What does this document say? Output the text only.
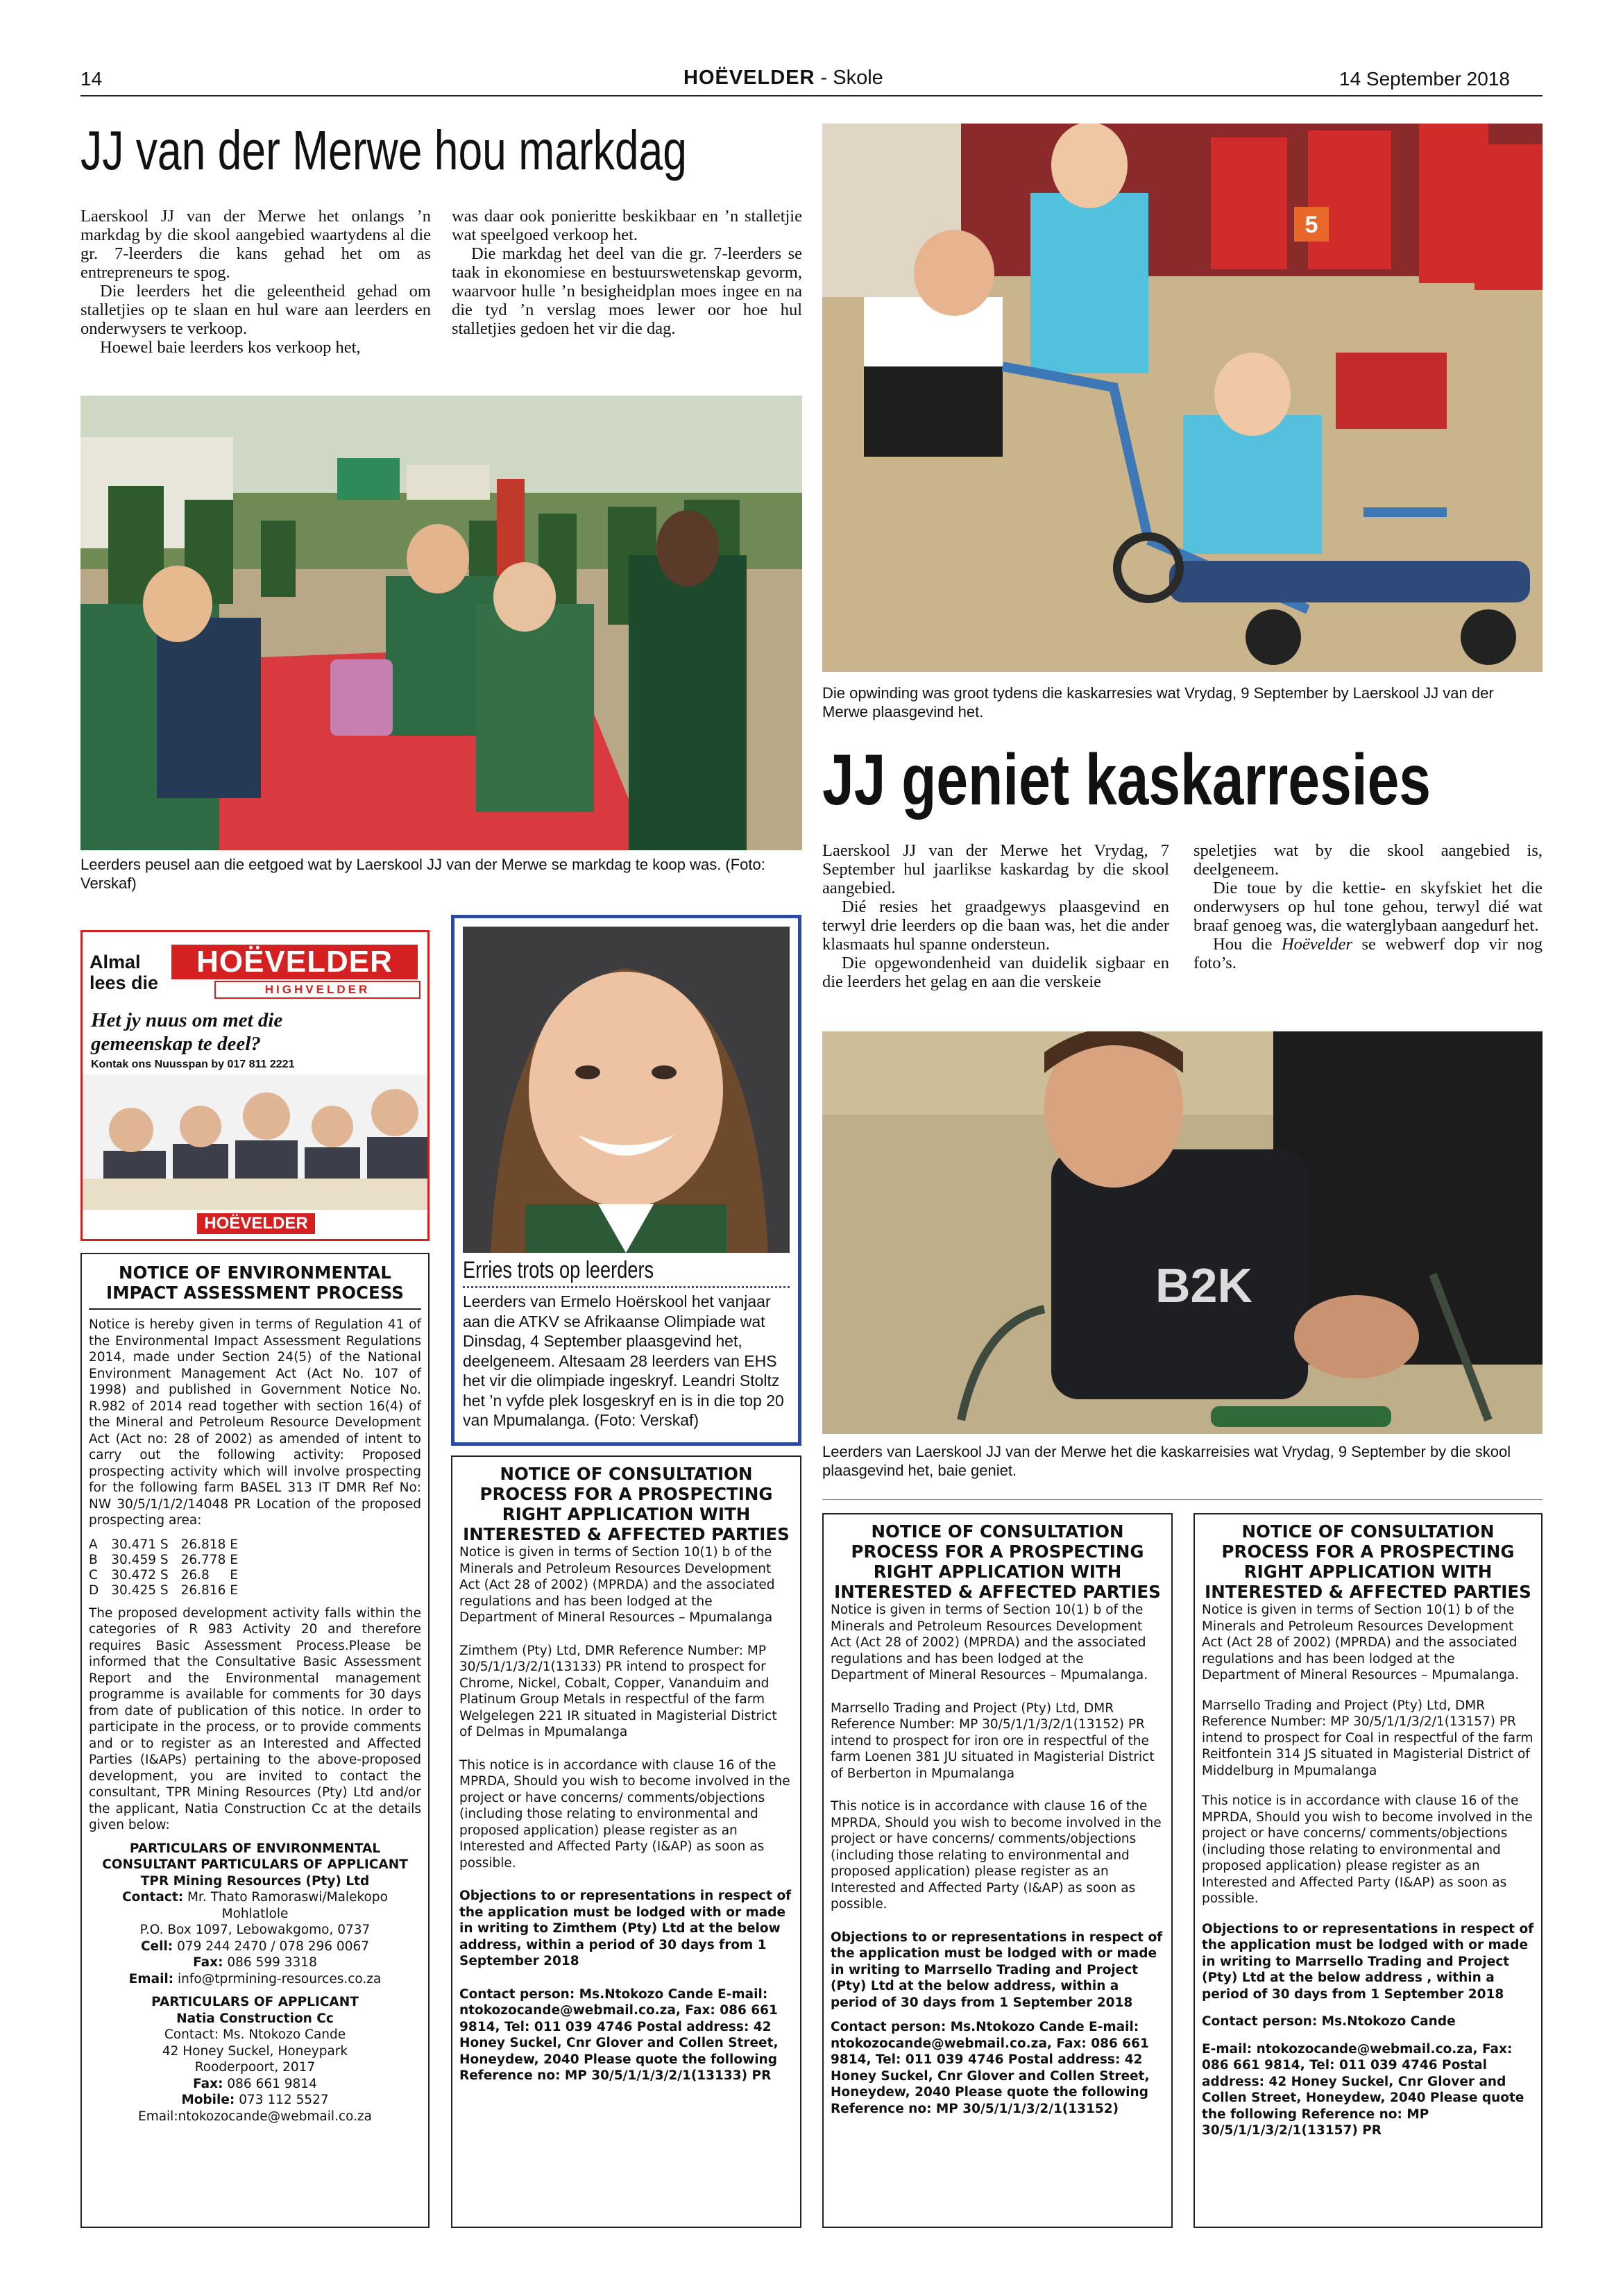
14	HOËVELDER - Skole	14 September 2018
JJ van der Merwe hou markdag

Laerskool JJ van der Merwe het onlangs ’n markdag by die skool aangebied waartydens al die gr. 7-leerders die kans gehad het om as entrepreneurs te spog.

Die leerders het die geleentheid gehad om stalletjies op te slaan en hul ware aan leerders en onderwysers te verkoop.

Hoewel baie leerders kos verkoop het,

was daar ook ponieritte beskikbaar en ’n stalletjie wat speelgoed verkoop het.

Die markdag het deel van die gr. 7-leerders se taak in ekonomiese en bestuurswetenskap gevorm, waarvoor hulle ’n besigheidplan moes ingee en na die tyd ’n verslag moes lewer oor hoe hul stalletjies gedoen het vir die dag.

Leerders peusel aan die eetgoed wat by Laerskool JJ van der Merwe se markdag te koop was. (Foto: Verskaf)
5
Die opwinding was groot tydens die kaskarresies wat Vrydag, 9 September by Laerskool JJ van der Merwe plaasgevind het.
JJ geniet kaskarresies

Laerskool JJ van der Merwe het Vrydag, 7 September hul jaarlikse kaskardag by die skool aangebied.

Dié resies het graadgewys plaasgevind en terwyl drie leerders op die baan was, het die ander klasmaats hul spanne ondersteun.

Die opgewondenheid van duidelik sigbaar en die leerders het gelag en aan die verskeie

speletjies wat by die skool aangebied is, deelgeneem.

Die toue by die kettie- en skyfskiet het die onderwysers op hul tone gehou, terwyl dié wat braaf genoeg was, die waterglybaan aangedurf het.

Hou die Hoëvelder se webwerf dop vir nog foto’s.

B2K
Leerders van Laerskool JJ van der Merwe het die kaskarreisies wat Vrydag, 9 September by die skool plaasgevind het, baie geniet.
Almal
lees die
HOËVELDER
HIGHVELDER
Het jy nuus om met die
gemeenskap te deel?
Kontak ons Nuusspan by 017 811 2221
HOËVELDER
Erries trots op leerders
Leerders van Ermelo Hoërskool het vanjaar aan die ATKV se Afrikaanse Olimpiade wat Dinsdag, 4 September plaasgevind het, deelgeneem. Altesaam 28 leerders van EHS het vir die olimpiade ingeskryf. Leandri Stoltz het ’n vyfde plek losgeskryf en is in die top 20 van Mpumalanga. (Foto: Verskaf)
NOTICE OF ENVIRONMENTAL IMPACT ASSESSMENT PROCESS

Notice is hereby given in terms of Regulation 41 of the Environmental Impact Assessment Regulations 2014, made under Section 24(5) of the National Environment Management Act (Act No. 107 of 1998) and published in Government Notice No. R.982 of 2014 read together with section 16(4) of the Mineral and Petroleum Resource Development Act (Act no: 28 of 2002) as amended of intent to carry out the following activity: Proposed prospecting activity which will involve prospecting for the following farm BASEL 313 IT DMR Ref No: NW 30/5/1/1/2/14048 PR Location of the proposed prospecting area:

A	30.471 S	26.818 E
B	30.459 S	26.778 E
C	30.472 S	26.8 E
D	30.425 S	26.816 E

The proposed development activity falls within the categories of R 983 Activity 20 and therefore requires Basic Assessment Process.Please be informed that the Consultative Basic Assessment Report and the Environmental management programme is available for comments for 30 days from date of publication of this notice. In order to participate in the process, or to provide comments and or to register as an Interested and Affected Parties (I&APs) pertaining to the above-proposed development, you are invited to contact the consultant, TPR Mining Resources (Pty) Ltd and/or the applicant, Natia Construction Cc at the details given below:

PARTICULARS OF ENVIRONMENTAL CONSULTANT PARTICULARS OF APPLICANT
TPR Mining Resources (Pty) Ltd
Contact: Mr. Thato Ramoraswi/Malekopo Mohlatlole
P.O. Box 1097, Lebowakgomo, 0737
Cell: 079 244 2470 / 078 296 0067
Fax: 086 599 3318
Email: info@tprmining-resources.co.za
PARTICULARS OF APPLICANT
Natia Construction Cc
Contact: Ms. Ntokozo Cande
42 Honey Suckel, Honeypark
Rooderpoort, 2017
Fax: 086 661 9814
Mobile: 073 112 5527
Email:ntokozocande@webmail.co.za
NOTICE OF CONSULTATION PROCESS FOR A PROSPECTING RIGHT APPLICATION WITH INTERESTED & AFFECTED PARTIES

Notice is given in terms of Section 10(1) b of the Minerals and Petroleum Resources Development Act (Act 28 of 2002) (MPRDA) and the associated regulations and has been lodged at the Department of Mineral Resources – Mpumalanga

Zimthem (Pty) Ltd, DMR Reference Number: MP 30/5/1/1/3/2/1(13133) PR intend to prospect for Chrome, Nickel, Cobalt, Copper, Vananduim and Platinum Group Metals in respectful of the farm Welgelegen 221 IR situated in Magisterial District of Delmas in Mpumalanga

This notice is in accordance with clause 16 of the MPRDA, Should you wish to become involved in the project or have concerns/ comments/objections (including those relating to environmental and proposed application) please register as an Interested and Affected Party (I&AP) as soon as possible.

Objections to or representations in respect of the application must be lodged with or made in writing to Zimthem (Pty) Ltd at the below address, within a period of 30 days from 1 September 2018

Contact person: Ms.Ntokozo Cande E-mail: ntokozocande@webmail.co.za, Fax: 086 661 9814, Tel: 011 039 4746 Postal address: 42 Honey Suckel, Cnr Glover and Collen Street, Honeydew, 2040 Please quote the following Reference no: MP 30/5/1/1/3/2/1(13133) PR

NOTICE OF CONSULTATION PROCESS FOR A PROSPECTING RIGHT APPLICATION WITH INTERESTED & AFFECTED PARTIES

Notice is given in terms of Section 10(1) b of the Minerals and Petroleum Resources Development Act (Act 28 of 2002) (MPRDA) and the associated regulations and has been lodged at the Department of Mineral Resources – Mpumalanga.

Marrsello Trading and Project (Pty) Ltd, DMR Reference Number: MP 30/5/1/1/3/2/1(13152) PR intend to prospect for iron ore in respectful of the farm Loenen 381 JU situated in Magisterial District of Berberton in Mpumalanga

This notice is in accordance with clause 16 of the MPRDA, Should you wish to become involved in the project or have concerns/ comments/objections (including those relating to environmental and proposed application) please register as an Interested and Affected Party (I&AP) as soon as possible.

Objections to or representations in respect of the application must be lodged with or made in writing to Marrsello Trading and Project (Pty) Ltd at the below address, within a period of 30 days from 1 September 2018

Contact person: Ms.Ntokozo Cande E-mail: ntokozocande@webmail.co.za, Fax: 086 661 9814, Tel: 011 039 4746 Postal address: 42 Honey Suckel, Cnr Glover and Collen Street, Honeydew, 2040 Please quote the following Reference no: MP 30/5/1/1/3/2/1(13152)

NOTICE OF CONSULTATION PROCESS FOR A PROSPECTING RIGHT APPLICATION WITH INTERESTED & AFFECTED PARTIES

Notice is given in terms of Section 10(1) b of the Minerals and Petroleum Resources Development Act (Act 28 of 2002) (MPRDA) and the associated regulations and has been lodged at the Department of Mineral Resources – Mpumalanga.

Marrsello Trading and Project (Pty) Ltd, DMR Reference Number: MP 30/5/1/1/3/2/1(13157) PR intend to prospect for Coal in respectful of the farm Reitfontein 314 JS situated in Magisterial District of Middelburg in Mpumalanga

This notice is in accordance with clause 16 of the MPRDA, Should you wish to become involved in the project or have concerns/ comments/objections (including those relating to environmental and proposed application) please register as an Interested and Affected Party (I&AP) as soon as possible.

Objections to or representations in respect of the application must be lodged with or made in writing to Marrsello Trading and Project (Pty) Ltd at the below address , within a period of 30 days from 1 September 2018

Contact person: Ms.Ntokozo Cande

E-mail: ntokozocande@webmail.co.za, Fax: 086 661 9814, Tel: 011 039 4746 Postal address: 42 Honey Suckel, Cnr Glover and Collen Street, Honeydew, 2040 Please quote the following Reference no: MP 30/5/1/1/3/2/1(13157) PR
